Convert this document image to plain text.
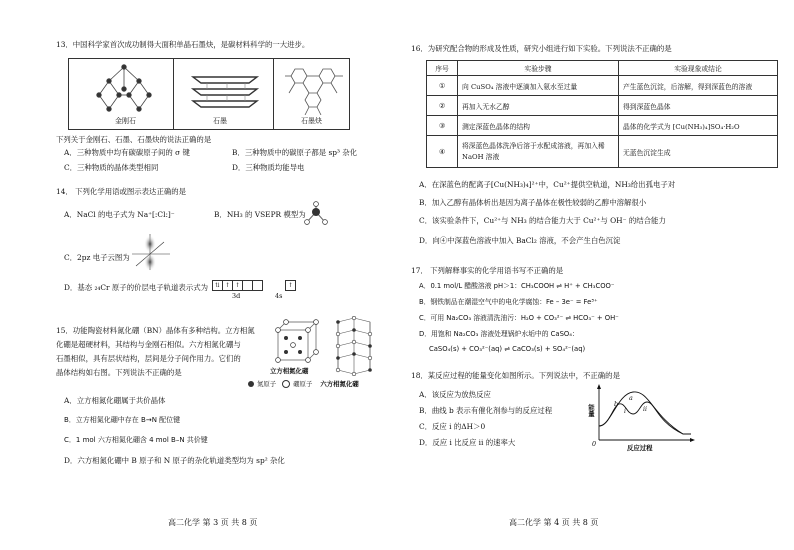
13．中国科学家首次成功制得大面积单晶石墨炔，是碳材料科学的一大进步。
金刚石	石墨	石墨炔
下列关于金刚石、石墨、石墨炔的说法正确的是
A．三种物质中均有碳碳原子间的 σ 键	B．三种物质中的碳原子都是 sp³ 杂化
C．三种物质的晶体类型相同	D．三种物质均能导电
14． 下列化学用语或图示表达正确的是
A．NaCl 的电子式为 Na⁺[:Cl:]⁻	B．NH₃ 的 VSEPR 模型为
C．2pz 电子云图为
D．基态 ₂₄Cr 原子的价层电子轨道表示式为	⇅ ↑ ↑	↑
3d	4s
15．功能陶瓷材料氮化硼（BN）晶体有多种结构。立方相氮
化硼是超硬材料，其结构与金刚石相似。六方相氮化硼与
石墨相似，具有层状结构，层间是分子间作用力。它们的
晶体结构如右图。下列说法不正确的是	立方相氮化硼
氮原子	硼原子 六方相氮化硼
A．立方相氮化硼属于共价晶体
B．立方相氮化硼中存在 B→N 配位键
C．1 mol 六方相氮化硼含 4 mol B–N 共价键
D．六方相氮化硼中 B 原子和 N 原子的杂化轨道类型均为 sp² 杂化
高二化学 第 3 页 共 8 页
16．为研究配合物的形成及性质，研究小组进行如下实验。下列说法不正确的是
A．在深蓝色的配离子[Cu(NH₃)₄]²⁺中，Cu²⁺提供空轨道，NH₃给出孤电子对
B．加入乙醇有晶体析出是因为离子晶体在极性较弱的乙醇中溶解很小
C．该实验条件下，Cu²⁺与 NH₃ 的结合能力大于 Cu²⁺与 OH⁻ 的结合能力
D．向④中深蓝色溶液中加入 BaCl₂ 溶液，不会产生白色沉淀
17． 下列解释事实的化学用语书写不正确的是
A．0.1 mol/L 醋酸溶液 pH＞1：CH₃COOH ⇌ H⁺ + CH₃COO⁻
B．钢铁制品在潮湿空气中的电化学腐蚀：Fe – 3e⁻ = Fe³⁺
C．可用 Na₂CO₃ 溶液清洗油污：H₂O + CO₃²⁻ ⇌ HCO₃⁻ + OH⁻
D．用饱和 Na₂CO₃ 溶液处理锅炉水垢中的 CaSO₄：
CaSO₄(s) + CO₃²⁻(aq) ⇌ CaCO₃(s) + SO₄²⁻(aq)
18．某反应过程的能量变化如图所示。下列说法中，不正确的是
A．该反应为放热反应
B．曲线 b 表示有催化剂参与的反应过程
C．反应 i 的ΔH＞0
D．反应 i 比反应 ii 的速率大
能量
0	反应过程
a
b
i	ii
高二化学 第 4 页 共 8 页
序号	实验步骤	实验现象或结论
①	向 CuSO₄ 溶液中逐滴加入氨水至过量	产生蓝色沉淀，后溶解，得到深蓝色的溶液
②	再加入无水乙醇	得到深蓝色晶体
③	测定深蓝色晶体的结构	晶体的化学式为 [Cu(NH₃)₄]SO₄·H₂O
④	将深蓝色晶体洗净后溶于水配成溶液，再加入稀 NaOH 溶液	无蓝色沉淀生成
